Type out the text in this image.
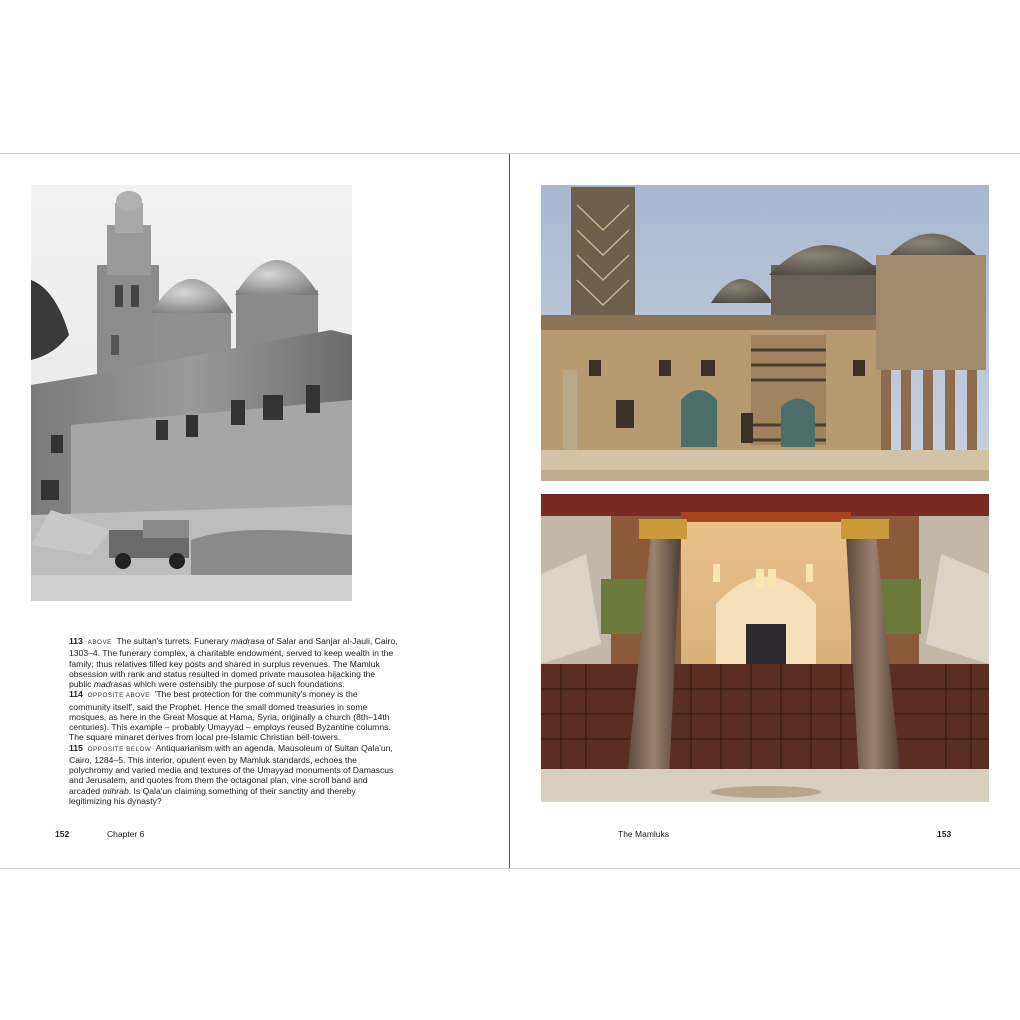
113 ABOVE The sultan's turrets. Funerary madrasa of Salar and Sanjar al-Jauli, Cairo, 1303–4. The funerary complex, a charitable endowment, served to keep wealth in the family; thus relatives filled key posts and shared in surplus revenues. The Mamluk obsession with rank and status resulted in domed private mausolea hijacking the public madrasas which were ostensibly the purpose of such foundations.

114 OPPOSITE ABOVE 'The best protection for the community's money is the community itself', said the Prophet. Hence the small domed treasuries in some mosques, as here in the Great Mosque at Hama, Syria, originally a church (8th–14th centuries). This example – probably Umayyad – employs reused Byzantine columns. The square minaret derives from local pre-Islamic Christian bell-towers.

115 OPPOSITE BELOW Antiquarianism with an agenda. Mausoleum of Sultan Qala'un, Cairo, 1284–5. This interior, opulent even by Mamluk standards, echoes the polychromy and varied media and textures of the Umayyad monuments of Damascus and Jerusalem, and quotes from them the octagonal plan, vine scroll band and arcaded mihrab. Is Qala'un claiming something of their sanctity and thereby legitimizing his dynasty?

152	Chapter 6	The Mamluks	153
